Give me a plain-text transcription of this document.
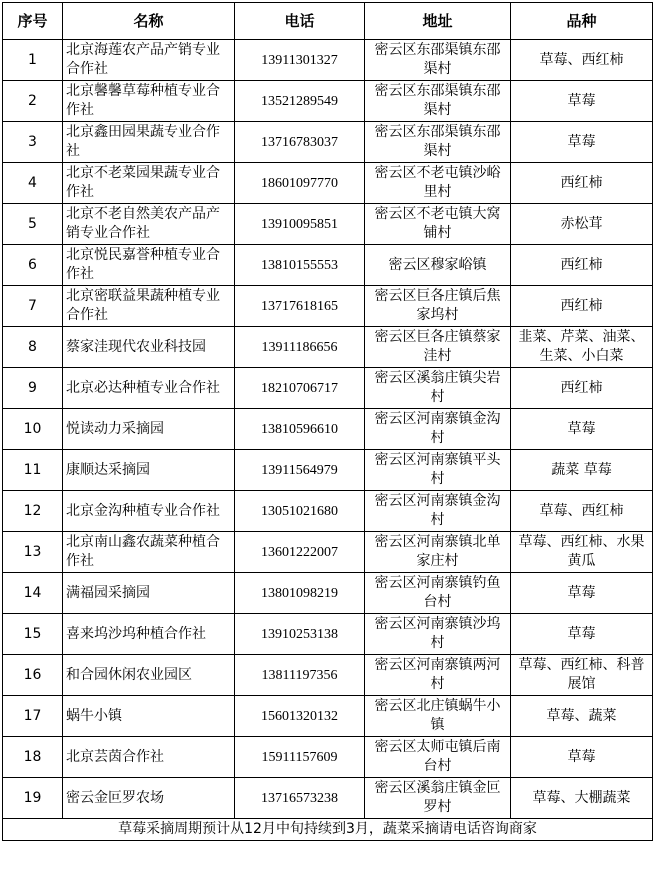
序号	名称	电话	地址	品种
1	北京海莲农产品产销专业合作社	13911301327	密云区东邵渠镇东邵渠村	草莓、西红柿
2	北京馨馨草莓种植专业合作社	13521289549	密云区东邵渠镇东邵渠村	草莓
3	北京鑫田园果蔬专业合作社	13716783037	密云区东邵渠镇东邵渠村	草莓
4	北京不老菜园果蔬专业合作社	18601097770	密云区不老屯镇沙峪里村	西红柿
5	北京不老自然美农产品产销专业合作社	13910095851	密云区不老屯镇大窝铺村	赤松茸
6	北京悦民嘉誉种植专业合作社	13810155553	密云区穆家峪镇	西红柿
7	北京密联益果蔬种植专业合作社	13717618165	密云区巨各庄镇后焦家坞村	西红柿
8	蔡家洼现代农业科技园	13911186656	密云区巨各庄镇蔡家洼村	韭菜、芹菜、油菜、生菜、小白菜
9	北京必达种植专业合作社	18210706717	密云区溪翁庄镇尖岩村	西红柿
10	悦读动力采摘园	13810596610	密云区河南寨镇金沟村	草莓
11	康顺达采摘园	13911564979	密云区河南寨镇平头村	蔬菜 草莓
12	北京金沟种植专业合作社	13051021680	密云区河南寨镇金沟村	草莓、西红柿
13	北京南山鑫农蔬菜种植合作社	13601222007	密云区河南寨镇北单家庄村	草莓、西红柿、水果黄瓜
14	满福园采摘园	13801098219	密云区河南寨镇钓鱼台村	草莓
15	喜来坞沙坞种植合作社	13910253138	密云区河南寨镇沙坞村	草莓
16	和合园休闲农业园区	13811197356	密云区河南寨镇两河村	草莓、西红柿、科普展馆
17	蜗牛小镇	15601320132	密云区北庄镇蜗牛小镇	草莓、蔬菜
18	北京芸茵合作社	15911157609	密云区太师屯镇后南台村	草莓
19	密云金叵罗农场	13716573238	密云区溪翁庄镇金叵罗村	草莓、大棚蔬菜
草莓采摘周期预计从12月中旬持续到3月，蔬菜采摘请电话咨询商家				
